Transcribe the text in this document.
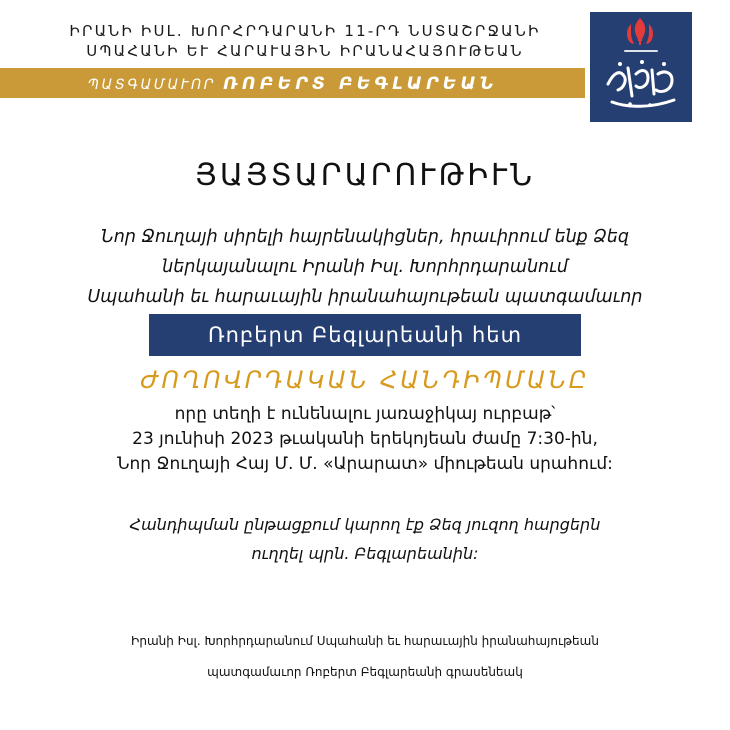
ԻՐԱՆԻ ԻՍԼ. ԽՈՐՀՐԴԱՐԱՆԻ 11-ՐԴ ՆՍՏԱՇՐՋԱՆԻ
ՍՊԱՀԱՆԻ ԵՒ ՀԱՐԱՒԱՅԻՆ ԻՐԱՆԱՀԱՅՈՒԹԵԱՆ
ՊԱՏԳԱՄԱՒՈՐ ՌՈԲԵՐՏ ԲԵԳԼԱՐԵԱՆ
ՅԱՅՏԱՐԱՐՈՒԹԻՒՆ
Նոր Ջուղայի սիրելի հայրենակիցներ, հրաւիրում ենք Ձեզ
ներկայանալու Իրանի Իսլ. Խորհրդարանում
Սպահանի եւ հարաւային իրանահայութեան պատգամաւոր
Ռոբերտ Բեգլարեանի հետ
ԺՈՂՈՎՐԴԱԿԱՆ ՀԱՆԴԻՊՄԱՆԸ
որը տեղի է ունենալու յառաջիկայ ուրբաթ՝
23 յունիսի 2023 թւականի երեկոյեան ժամը 7:30-ին,
Նոր Ջուղայի Հայ Մ. Մ. «Արարատ» միութեան սրահում:
Հանդիպման ընթացքում կարող էք Ձեզ յուզող հարցերն
ուղղել պրն. Բեգլարեանին:
Իրանի Իսլ. Խորհրդարանում Սպահանի եւ հարաւային իրանահայութեան
պատգամաւոր Ռոբերտ Բեգլարեանի գրասենեակ
